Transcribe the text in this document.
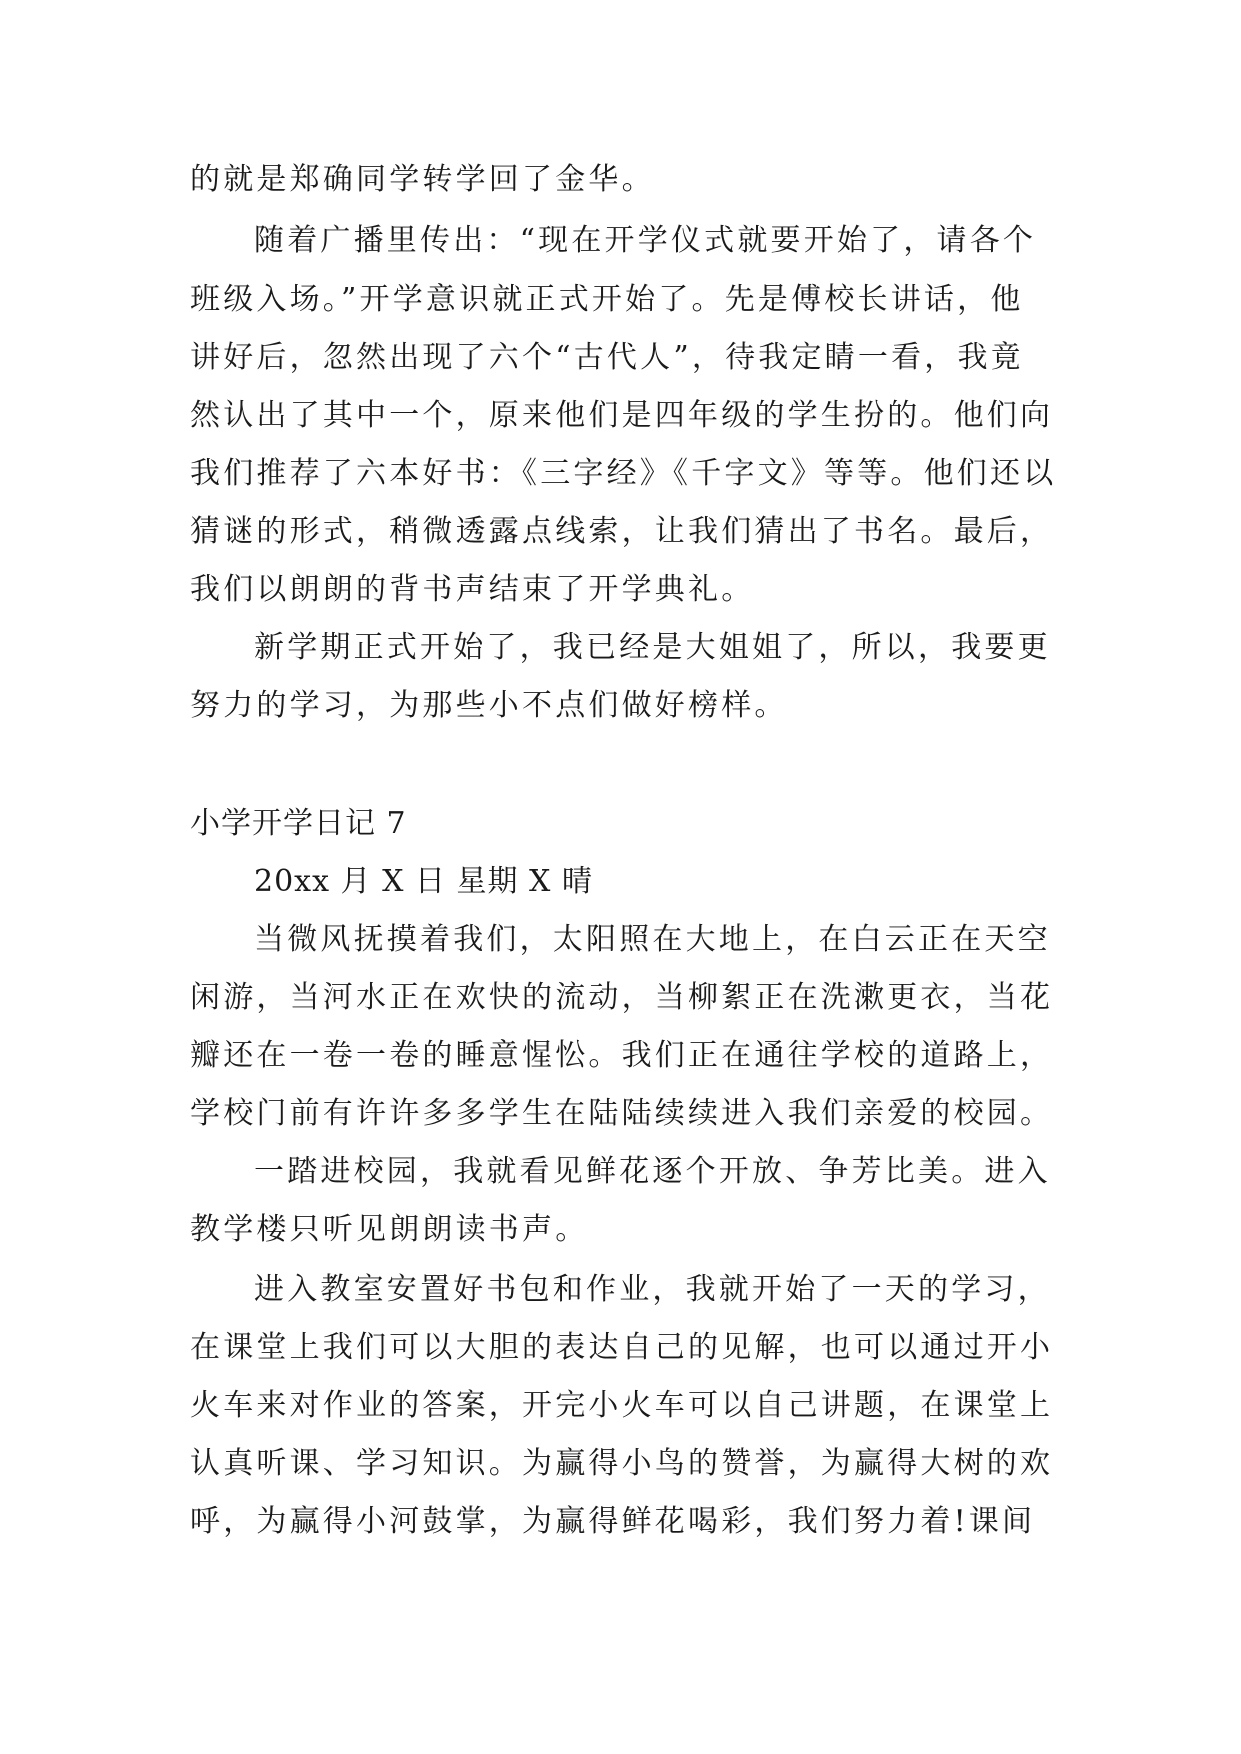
的就是郑确同学转学回了金华。
随着广播里传出：“现在开学仪式就要开始了，请各个
班级入场。”开学意识就正式开始了。先是傅校长讲话，他
讲好后，忽然出现了六个“古代人”，待我定睛一看，我竟
然认出了其中一个，原来他们是四年级的学生扮的。他们向
我们推荐了六本好书：《三字经》《千字文》等等。他们还以
猜谜的形式，稍微透露点线索，让我们猜出了书名。最后，
我们以朗朗的背书声结束了开学典礼。
新学期正式开始了，我已经是大姐姐了，所以，我要更
努力的学习，为那些小不点们做好榜样。
小学开学日记 7
20xx 月 X 日 星期 X 晴
当微风抚摸着我们，太阳照在大地上，在白云正在天空
闲游，当河水正在欢快的流动，当柳絮正在洗漱更衣，当花
瓣还在一卷一卷的睡意惺忪。我们正在通往学校的道路上，
学校门前有许许多多学生在陆陆续续进入我们亲爱的校园。
一踏进校园，我就看见鲜花逐个开放、争芳比美。进入
教学楼只听见朗朗读书声。
进入教室安置好书包和作业，我就开始了一天的学习，
在课堂上我们可以大胆的表达自己的见解，也可以通过开小
火车来对作业的答案，开完小火车可以自己讲题，在课堂上
认真听课、学习知识。为赢得小鸟的赞誉，为赢得大树的欢
呼，为赢得小河鼓掌，为赢得鲜花喝彩，我们努力着!课间
